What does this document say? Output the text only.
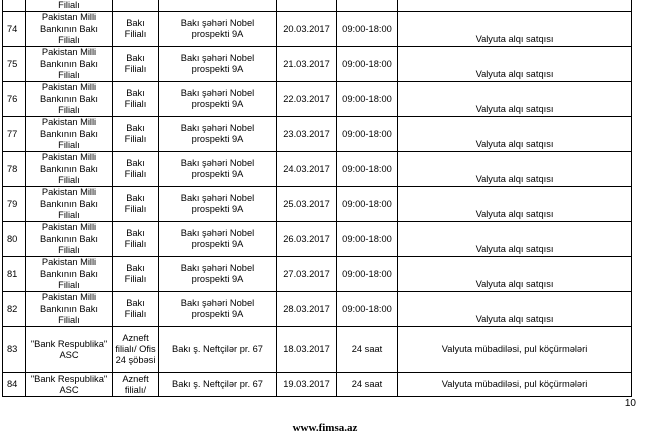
	Filialı					
74	Pakistan Milli Bankının Bakı Filialı	Bakı Filialı	Bakı şəhəri Nobel prospekti 9A	20.03.2017	09:00-18:00	Valyuta alqı satqısı
75	Pakistan Milli Bankının Bakı Filialı	Bakı Filialı	Bakı şəhəri Nobel prospekti 9A	21.03.2017	09:00-18:00	Valyuta alqı satqısı
76	Pakistan Milli Bankının Bakı Filialı	Bakı Filialı	Bakı şəhəri Nobel prospekti 9A	22.03.2017	09:00-18:00	Valyuta alqı satqısı
77	Pakistan Milli Bankının Bakı Filialı	Bakı Filialı	Bakı şəhəri Nobel prospekti 9A	23.03.2017	09:00-18:00	Valyuta alqı satqısı
78	Pakistan Milli Bankının Bakı Filialı	Bakı Filialı	Bakı şəhəri Nobel prospekti 9A	24.03.2017	09:00-18:00	Valyuta alqı satqısı
79	Pakistan Milli Bankının Bakı Filialı	Bakı Filialı	Bakı şəhəri Nobel prospekti 9A	25.03.2017	09:00-18:00	Valyuta alqı satqısı
80	Pakistan Milli Bankının Bakı Filialı	Bakı Filialı	Bakı şəhəri Nobel prospekti 9A	26.03.2017	09:00-18:00	Valyuta alqı satqısı
81	Pakistan Milli Bankının Bakı Filialı	Bakı Filialı	Bakı şəhəri Nobel prospekti 9A	27.03.2017	09:00-18:00	Valyuta alqı satqısı
82	Pakistan Milli Bankının Bakı Filialı	Bakı Filialı	Bakı şəhəri Nobel prospekti 9A	28.03.2017	09:00-18:00	Valyuta alqı satqısı
83	"Bank Respublika" ASC	Azneft filialı/ Ofis 24 şöbəsi	Bakı ş. Neftçilər pr. 67	18.03.2017	24 saat	Valyuta mübadiləsi, pul köçürmələri
84	"Bank Respublika" ASC	Azneft filialı/	Bakı ş. Neftçilər pr. 67	19.03.2017	24 saat	Valyuta mübadiləsi, pul köçürmələri
10
www.fimsa.az
